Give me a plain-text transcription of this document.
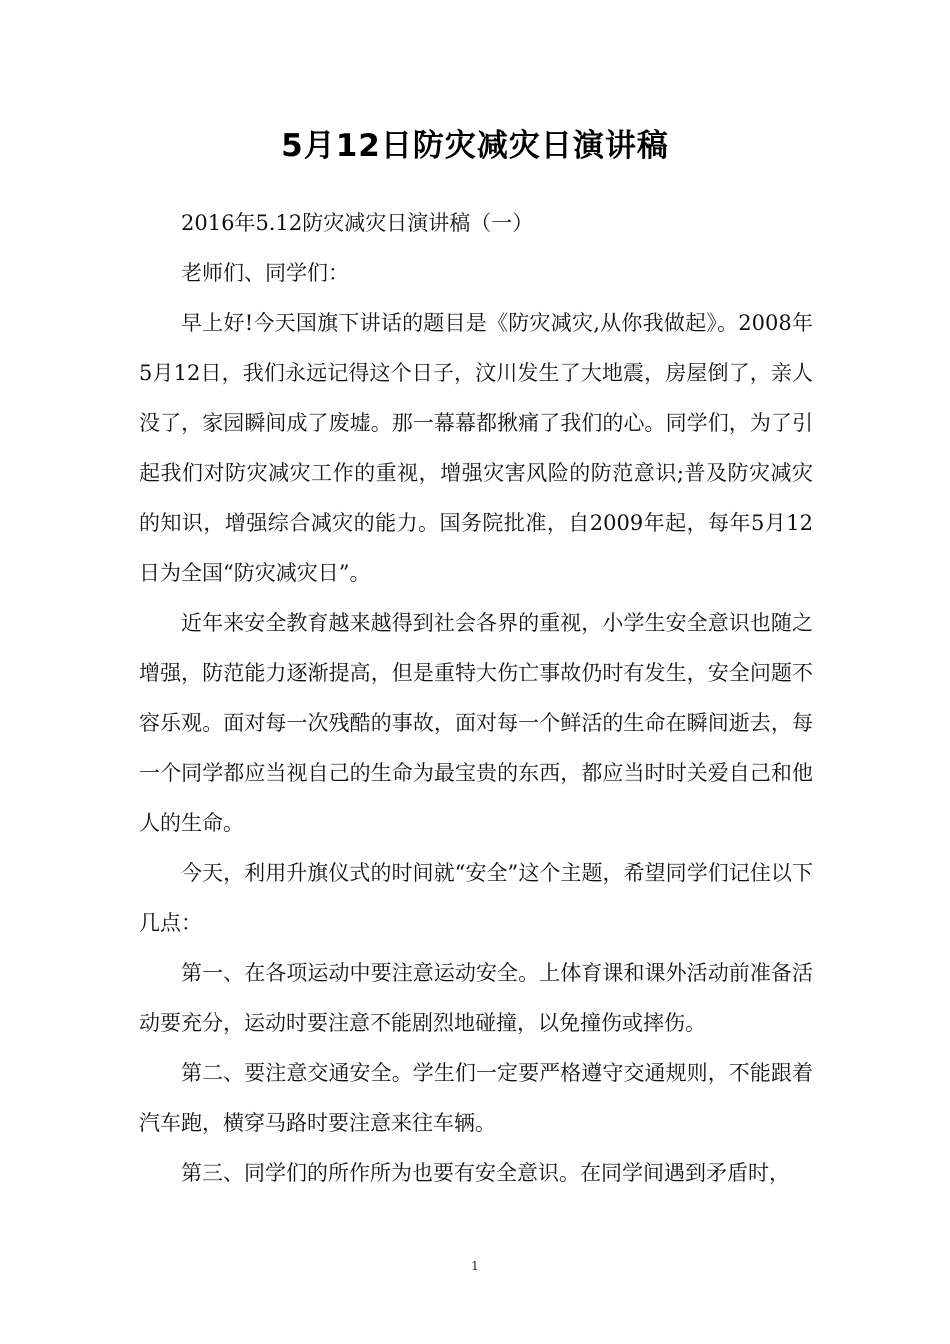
5月12日防灾减灾日演讲稿

2016年5.12防灾减灾日演讲稿（一）

老师们、同学们：

早上好!今天国旗下讲话的题目是《防灾减灾,从你我做起》。2008年5月12日，我们永远记得这个日子，汶川发生了大地震，房屋倒了，亲人没了，家园瞬间成了废墟。那一幕幕都揪痛了我们的心。同学们，为了引起我们对防灾减灾工作的重视，增强灾害风险的防范意识;普及防灾减灾的知识，增强综合减灾的能力。国务院批准，自2009年起，每年5月12日为全国“防灾减灾日”。

近年来安全教育越来越得到社会各界的重视，小学生安全意识也随之增强，防范能力逐渐提高，但是重特大伤亡事故仍时有发生，安全问题不容乐观。面对每一次残酷的事故，面对每一个鲜活的生命在瞬间逝去，每一个同学都应当视自己的生命为最宝贵的东西，都应当时时关爱自己和他人的生命。

今天，利用升旗仪式的时间就“安全”这个主题，希望同学们记住以下几点：

第一、在各项运动中要注意运动安全。上体育课和课外活动前准备活动要充分，运动时要注意不能剧烈地碰撞，以免撞伤或摔伤。

第二、要注意交通安全。学生们一定要严格遵守交通规则，不能跟着汽车跑，横穿马路时要注意来往车辆。

第三、同学们的所作所为也要有安全意识。在同学间遇到矛盾时，

1
